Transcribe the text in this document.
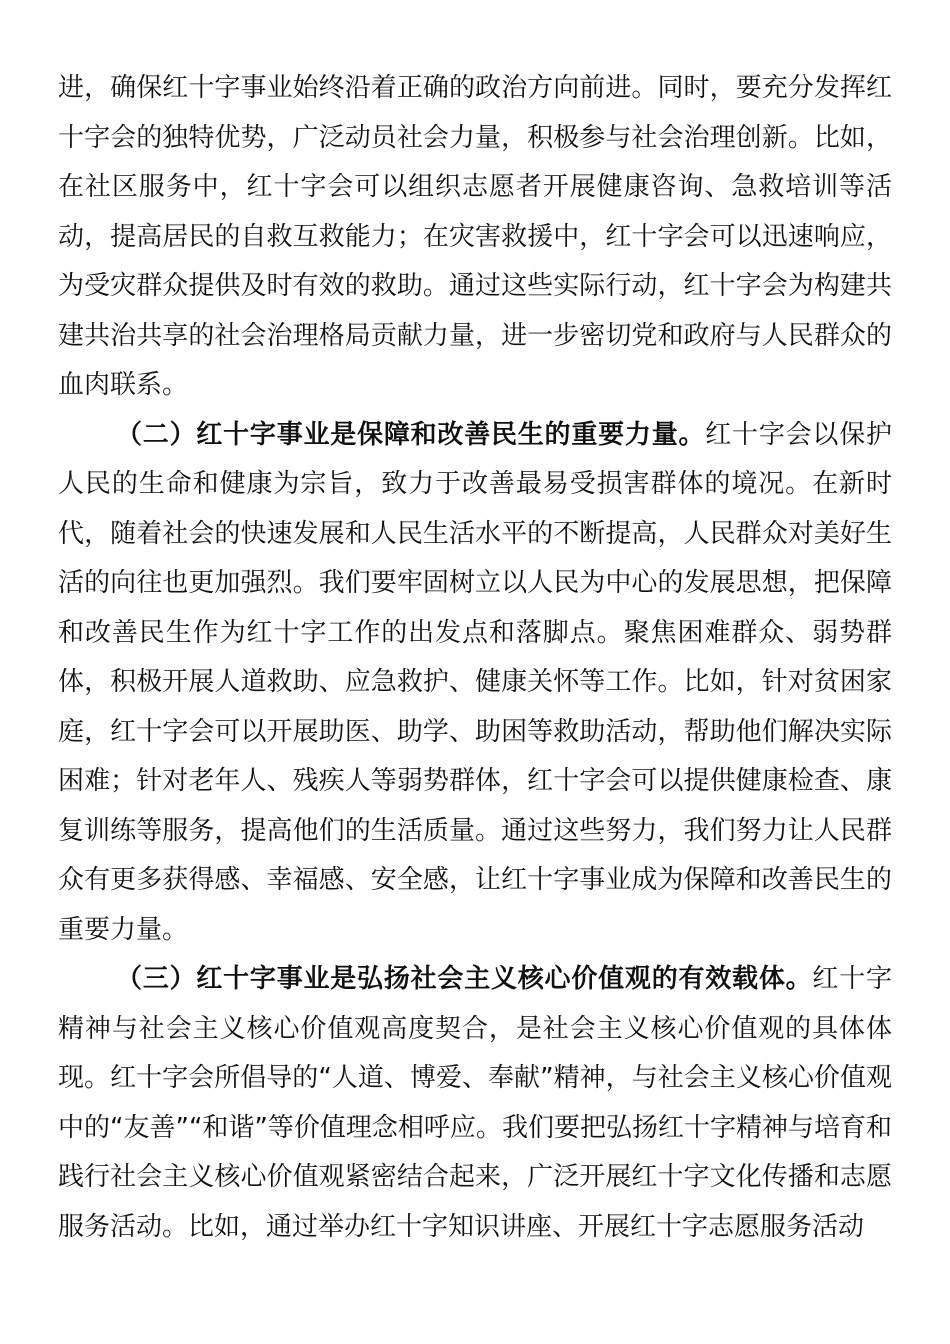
进，确保红十字事业始终沿着正确的政治方向前进。同时，要充分发挥红十字会的独特优势，广泛动员社会力量，积极参与社会治理创新。比如，在社区服务中，红十字会可以组织志愿者开展健康咨询、急救培训等活动，提高居民的自救互救能力；在灾害救援中，红十字会可以迅速响应，为受灾群众提供及时有效的救助。通过这些实际行动，红十字会为构建共建共治共享的社会治理格局贡献力量，进一步密切党和政府与人民群众的血肉联系。

（二）红十字事业是保障和改善民生的重要力量。红十字会以保护人民的生命和健康为宗旨，致力于改善最易受损害群体的境况。在新时代，随着社会的快速发展和人民生活水平的不断提高，人民群众对美好生活的向往也更加强烈。我们要牢固树立以人民为中心的发展思想，把保障和改善民生作为红十字工作的出发点和落脚点。聚焦困难群众、弱势群体，积极开展人道救助、应急救护、健康关怀等工作。比如，针对贫困家庭，红十字会可以开展助医、助学、助困等救助活动，帮助他们解决实际困难；针对老年人、残疾人等弱势群体，红十字会可以提供健康检查、康复训练等服务，提高他们的生活质量。通过这些努力，我们努力让人民群众有更多获得感、幸福感、安全感，让红十字事业成为保障和改善民生的重要力量。

（三）红十字事业是弘扬社会主义核心价值观的有效载体。红十字精神与社会主义核心价值观高度契合，是社会主义核心价值观的具体体现。红十字会所倡导的“人道、博爱、奉献”精神，与社会主义核心价值观中的“友善”“和谐”等价值理念相呼应。我们要把弘扬红十字精神与培育和践行社会主义核心价值观紧密结合起来，广泛开展红十字文化传播和志愿服务活动。比如，通过举办红十字知识讲座、开展红十字志愿服务活动
